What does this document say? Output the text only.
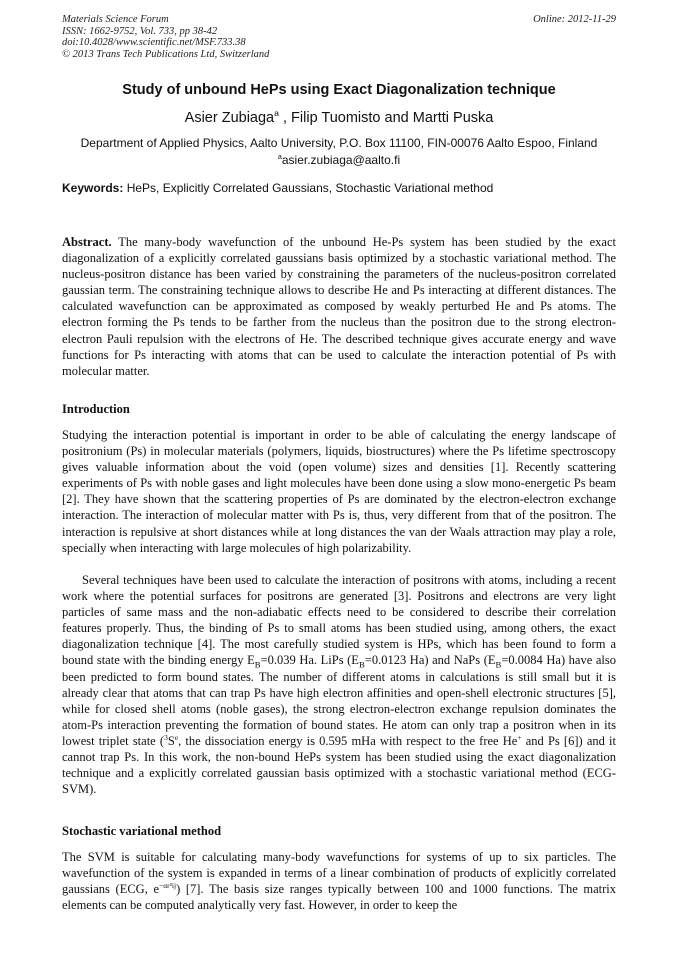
Materials Science Forum
ISSN: 1662-9752, Vol. 733, pp 38-42
doi:10.4028/www.scientific.net/MSF.733.38
© 2013 Trans Tech Publications Ltd, Switzerland
Online: 2012-11-29
Study of unbound HePs using Exact Diagonalization technique
Asier Zubiaga$^a$ , Filip Tuomisto and Martti Puska
Department of Applied Physics, Aalto University, P.O. Box 11100, FIN-00076 Aalto Espoo, Finland
$^a$asier.zubiaga@aalto.fi
Keywords: HePs, Explicitly Correlated Gaussians, Stochastic Variational method

Abstract. The many-body wavefunction of the unbound He-Ps system has been studied by the exact diagonalization of a explicitly correlated gaussians basis optimized by a stochastic variational method. The nucleus-positron distance has been varied by constraining the parameters of the nucleus-positron correlated gaussian term. The constraining technique allows to describe He and Ps interacting at different distances. The calculated wavefunction can be approximated as composed by weakly perturbed He and Ps atoms. The electron forming the Ps tends to be farther from the nucleus than the positron due to the strong electron-electron Pauli repulsion with the electrons of He. The described technique gives accurate energy and wave functions for Ps interacting with atoms that can be used to calculate the interaction potential of Ps with molecular matter.

Introduction

Studying the interaction potential is important in order to be able of calculating the energy landscape of positronium (Ps) in molecular materials (polymers, liquids, biostructures) where the Ps lifetime spectroscopy gives valuable information about the void (open volume) sizes and densities [1]. Recently scattering experiments of Ps with noble gases and light molecules have been done using a slow mono-energetic Ps beam [2]. They have shown that the scattering properties of Ps are dominated by the electron-electron exchange interaction. The interaction of molecular matter with Ps is, thus, very different from that of the positron. The interaction is repulsive at short distances while at long distances the van der Waals attraction may play a role, specially when interacting with large molecules of high polarizability.

Several techniques have been used to calculate the interaction of positrons with atoms, including a recent work where the potential surfaces for positrons are generated [3]. Positrons and electrons are very light particles of same mass and the non-adiabatic effects need to be considered to describe their correlation features properly. Thus, the binding of Ps to small atoms has been studied using, among others, the exact diagonalization technique [4]. The most carefully studied system is HPs, which has been found to form a bound state with the binding energy $E_B=0.039$ Ha. LiPs ($E_B=0.0123$ Ha) and NaPs ($E_B=0.0084$ Ha) have also been predicted to form bound states. The number of different atoms in calculations is still small but it is already clear that atoms that can trap Ps have high electron affinities and open-shell electronic structures [5], while for closed shell atoms (noble gases), the strong electron-electron exchange repulsion dominates the atom-Ps interaction preventing the formation of bound states. He atom can only trap a positron when in its lowest triplet state ($^3S^e$, the dissociation energy is 0.595 mHa with respect to the free He+ and Ps [6]) and it cannot trap Ps. In this work, the non-bound HePs system has been studied using the exact diagonalization technique and a explicitly correlated gaussian basis optimized with a stochastic variational method (ECG-SVM).

Stochastic variational method

The SVM is suitable for calculating many-body wavefunctions for systems of up to six particles. The wavefunction of the system is expanded in terms of a linear combination of products of explicitly correlated gaussians (ECG, $e^{-\alpha r^2ij}$) [7]. The basis size ranges typically between 100 and 1000 functions. The matrix elements can be computed analytically very fast. However, in order to keep the
